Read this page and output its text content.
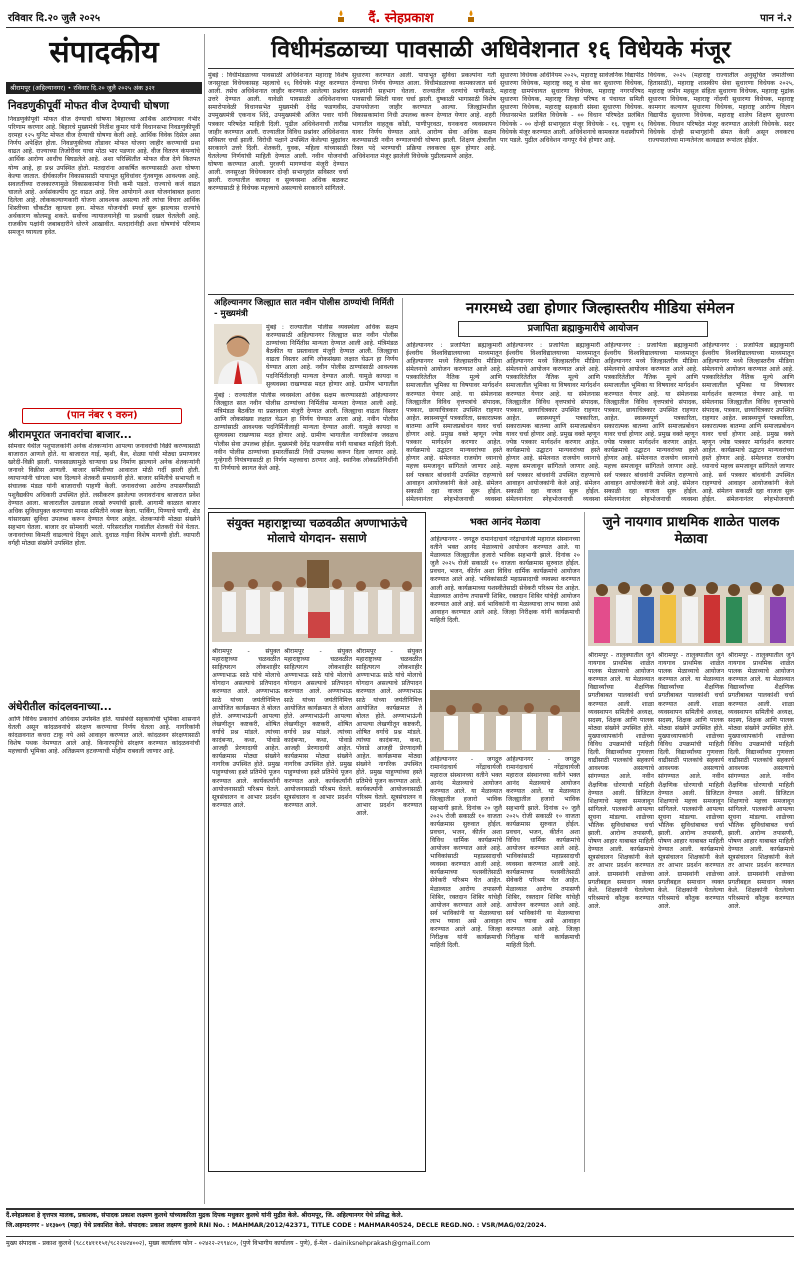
रविवार दि.२० जुलै २०२५	दैं. स्नेहप्रकाश	पान नं.२
संपादकीय
श्रीरामपूर (अहिल्यानगर) • रविवार दि.२० जुलै २०२५ अंक ३२१
विधीमंडळाच्या पावसाळी अधिवेशनात १६ विधेयके मंजूर
निवडणुकीपूर्वी मोफत वीज देण्याची घोषणा
निवडणुकीपूर्वी मोफत वीज देण्याची घोषणा बिहारच्या आर्थिक आरोग्यावर गंभीर परिणाम करणार आहे. बिहारचे मुख्यमंत्री नितीश कुमार यांनी विधानसभा निवडणुकीपूर्वी दरमहा १२५ युनिट मोफत वीज देण्याची घोषणा केली आहे. आर्थिक विवेक दिसेल असा निर्णय अपेक्षित होता. निवडणुकीच्या तोंडावर मोफत योजना जाहीर करण्याची प्रथा वाढत आहे. राज्याच्या तिजोरीवर याचा मोठा भार पडणार आहे. वीज वितरण कंपन्यांचे आर्थिक आरोग्य आधीच बिघडलेले आहे. अशा परिस्थितीत मोफत वीज देणे कितपत योग्य आहे, हा प्रश्न उपस्थित होतो. मतदारांना आकर्षित करण्यासाठी अशा घोषणा केल्या जातात. दीर्घकालीन विकासासाठी पायाभूत सुविधांवर गुंतवणूक आवश्यक आहे. सवलतींच्या राजकारणामुळे विकासकामांना निधी कमी पडतो. राज्याचे कर्ज वाढत चालले आहे. अर्थसंकल्पीय तूट वाढत आहे. वित्त आयोगाने अशा योजनांबाबत इशारा दिलेला आहे. लोककल्याणकारी योजना आवश्यक असल्या तरी त्यांचा विचार आर्थिक शिस्तीच्या चौकटीत व्हायला हवा. मोफत योजनांची स्पर्धा सुरू झाल्यास राज्यांचे अर्थकारण कोलमडू शकते. सर्वोच्च न्यायालयानेही या प्रश्नाची दखल घेतलेली आहे. राजकीय पक्षांनी जबाबदारीने धोरणे आखावीत. मतदारांनीही अशा घोषणांचे परिणाम समजून घ्यायला हवेत.
(पान नंबर ९ वरुन)
श्रीरामपूरात जनावरांचा बाजार...
सोमवार येथील पशुपालकांनी अनेक शेतकऱ्यांना आपल्या जनावरांची विक्री करण्यासाठी बाजारात आणले होते. या बाजारात गाई, म्हशी, बैल, शेळ्या यांची मोठ्या प्रमाणावर खरेदी-विक्री झाली. पावसाळ्यामुळे चाऱ्याचा प्रश्न निर्माण झाल्याने अनेक शेतकऱ्यांनी जनावरे विक्रीस आणली. बाजार समितीच्या आवारात मोठी गर्दी झाली होती. व्यापाऱ्यांनी चांगला भाव दिल्याने शेतकरी समाधानी होते. बाजार समितीचे सभापती व संचालक मंडळ यांनी बाजाराची पाहणी केली. जनावरांच्या आरोग्य तपासणीसाठी पशुवैद्यकीय अधिकारी उपस्थित होते. लसीकरण झालेल्या जनावरांनाच बाजारात प्रवेश देण्यात आला. बाजारातील उलाढाल लाखो रुपयांची झाली. आगामी काळात बाजार अधिक सुविधायुक्त करण्याचा मानस समितीने व्यक्त केला. पार्किंग, पिण्याचे पाणी, शेड यांसारख्या सुविधा उपलब्ध करून देण्यात येणार आहेत. शेतकऱ्यांनी मोठ्या संख्येने सहभाग घेतला. बाजार दर सोमवारी भरतो. परिसरातील गावांतील शेतकरी येथे येतात. जनावरांच्या किमती वाढल्याचे दिसून आले. दुधाळ गाईंना विशेष मागणी होती. व्यापारी वर्गही मोठ्या संख्येने उपस्थित होता.
मुंबई : विधीमंडळाच्या पावसाळी अधिवेशनात महाराष्ट्र विशेष जनसुरक्षा विधेयकासह महत्वाचे १६ विधेयके मंजूर करण्यात आली. तसेच अधिवेशनात जाहीर करण्यात आलेल्या प्रश्नांवर उत्तरे देण्यात आली. यावेळी पावसाळी अधिवेशनाच्या समारोपावेळी विधानसभेत मुख्यमंत्री देवेंद्र फडणवीस, उपमुख्यमंत्री एकनाथ शिंदे, उपमुख्यमंत्री अजित पवार यांनी पत्रकार परिषदेत माहिती दिली. पुढील अधिवेशनाची तारीख जाहीर करण्यात आली. राज्यातील विविध प्रश्नांवर अधिवेशनात सविस्तर चर्चा झाली. विरोधी पक्षाने उपस्थित केलेल्या मुद्द्यांवर सरकारने उत्तरे दिली. शेतकरी, युवक, महिला यांच्यासाठी घेतलेल्या निर्णयांची माहिती देण्यात आली. नवीन योजनांची घोषणा करण्यात आली. पुरवणी मागण्यांना मंजुरी देण्यात आली. जनसुरक्षा विधेयकावर दोन्ही सभागृहांत सविस्तर चर्चा झाली. राज्यातील कायदा व सुव्यवस्था अधिक बळकट करण्यासाठी हे विधेयक महत्त्वाचे असल्याचे सरकारने सांगितले.
सुधारणा करण्यात आली. पायाभूत सुविधा प्रकल्पांना गती देण्याचा निर्णय घेण्यात आला. विधीमंडळाच्या कामकाजात सर्व सदस्यांनी सहभाग घेतला. राज्यातील धरणांचे पाणीसाठे, पावसाची स्थिती यावर चर्चा झाली. दुष्काळी भागासाठी विशेष उपाययोजना जाहीर करण्यात आल्या. जिल्ह्यांमधील विकासकामांना निधी उपलब्ध करून देण्यात येणार आहे. शहरी भागातील वाहतूक कोंडी, पाणीपुरवठा, घनकचरा व्यवस्थापन यावर निर्णय घेण्यात आले. आरोग्य सेवा अधिक सक्षम करण्यासाठी नवीन रुग्णालयांची घोषणा झाली. शिक्षण क्षेत्रातील रिक्त पदे भरण्याची प्रक्रिया लवकरच सुरू होणार आहे. अधिवेशनात मंजूर झालेली विधेयके पुढीलप्रमाणे आहेत.
सुधारणा विधेयक अधिनियम २०२५, महाराष्ट्र सार्वजनिक विद्यापीठ सुधारणा विधेयक, महाराष्ट्र वस्तू व सेवा कर सुधारणा विधेयक, महाराष्ट्र ग्रामपंचायत सुधारणा विधेयक, महाराष्ट्र नगरपरिषद सुधारणा विधेयक, महाराष्ट्र जिल्हा परिषद व पंचायत समिती सुधारणा विधेयक, महाराष्ट्र सहकारी संस्था सुधारणा विधेयक. विधानसभेत प्रलंबित विधेयके - ०० विधान परिषदेत प्रलंबित विधेयके - ०० दोन्ही सभागृहात मंजूर विधेयके - १६. एकूण १६ विधेयके मंजूर करण्यात आली. अधिवेशनाचे कामकाज यशस्वीपणे पार पडले. पुढील अधिवेशन नागपूर येथे होणार आहे.
विधेयक, २०२५ (महाराष्ट्र राज्यातील अनुसूचित जमातींच्या हितासाठी), महाराष्ट्र शासकीय सेवा सुधारणा विधेयक २०२५, महाराष्ट्र जमीन महसूल संहिता सुधारणा विधेयक, महाराष्ट्र मुद्रांक सुधारणा विधेयक, महाराष्ट्र नोंदणी सुधारणा विधेयक, महाराष्ट्र कामगार कल्याण सुधारणा विधेयक, महाराष्ट्र आरोग्य विज्ञान विद्यापीठ सुधारणा विधेयक, महाराष्ट्र शालेय शिक्षण सुधारणा विधेयक. विधान परिषदेत मंजूर करण्यात आलेली विधेयके. सदर विधेयके दोन्ही सभागृहांनी संमत केली असून लवकरच राज्यपालांच्या मान्यतेनंतर कायद्यात रूपांतर होईल.
अहिल्यानगर जिल्ह्यात सात नवीन पोलीस ठाण्यांची निर्मिती - मुख्यमंत्री
मुंबई : राज्यातील पोलीस व्यवस्थेला अधिक सक्षम करण्यासाठी अहिल्यानगर जिल्ह्यात सात नवीन पोलीस ठाण्यांच्या निर्मितीस मान्यता देण्यात आली आहे. मंत्रिमंडळ बैठकीत या प्रस्तावाला मंजुरी देण्यात आली. जिल्ह्याचा वाढता विस्तार आणि लोकसंख्या लक्षात घेऊन हा निर्णय घेण्यात आला आहे. नवीन पोलीस ठाण्यांसाठी आवश्यक पदनिर्मितीलाही मान्यता देण्यात आली. यामुळे कायदा व सुव्यवस्था राखण्यास मदत होणार आहे. ग्रामीण भागातील
मुंबई : राज्यातील पोलीस व्यवस्थेला अधिक सक्षम करण्यासाठी अहिल्यानगर जिल्ह्यात सात नवीन पोलीस ठाण्यांच्या निर्मितीस मान्यता देण्यात आली आहे. मंत्रिमंडळ बैठकीत या प्रस्तावाला मंजुरी देण्यात आली. जिल्ह्याचा वाढता विस्तार आणि लोकसंख्या लक्षात घेऊन हा निर्णय घेण्यात आला आहे. नवीन पोलीस ठाण्यांसाठी आवश्यक पदनिर्मितीलाही मान्यता देण्यात आली. यामुळे कायदा व सुव्यवस्था राखण्यास मदत होणार आहे. ग्रामीण भागातील नागरिकांना जवळच पोलीस सेवा उपलब्ध होईल. मुख्यमंत्री देवेंद्र फडणवीस यांनी याबाबत माहिती दिली. नवीन पोलीस ठाण्यांच्या इमारतींसाठी निधी उपलब्ध करून दिला जाणार आहे. गुन्हेगारी नियंत्रणासाठी हा निर्णय महत्त्वाचा ठरणार आहे. स्थानिक लोकप्रतिनिधींनी या निर्णयाचे स्वागत केले आहे.
नगरमध्ये उद्या होणार जिल्हास्तरीय मीडिया संमेलन
प्रजापिता ब्रह्माकुमारीचे आयोजन
अहिल्यानगर : प्रजापिता ब्रह्माकुमारी ईश्वरीय विश्वविद्यालयाच्या माध्यमातून अहिल्यानगर मध्ये जिल्हास्तरीय मीडिया संमेलनाचे आयोजन करण्यात आले आहे. पत्रकारितेतील नैतिक मूल्ये आणि समाजातील भूमिका या विषयावर मार्गदर्शन करण्यात येणार आहे. या संमेलनास जिल्ह्यातील विविध वृत्तपत्रांचे संपादक, पत्रकार, छायाचित्रकार उपस्थित राहणार आहेत. स्वास्थ्यपूर्ण पत्रकारिता, सकारात्मक बातम्या आणि समाजप्रबोधन यावर चर्चा होणार आहे. प्रमुख वक्ते म्हणून ज्येष्ठ पत्रकार मार्गदर्शन करणार आहेत. कार्यक्रमाचे उद्घाटन मान्यवरांच्या हस्ते होणार आहे. संमेलनात राजयोग ध्यानाचे महत्त्व समजावून सांगितले जाणार आहे. सर्व पत्रकार बांधवांनी उपस्थित राहण्याचे आवाहन आयोजकांनी केले आहे. संमेलन सकाळी दहा वाजता सुरू होईल. संमेलनानंतर स्नेहभोजनाची व्यवस्था
अहिल्यानगर : प्रजापिता ब्रह्माकुमारी ईश्वरीय विश्वविद्यालयाच्या माध्यमातून अहिल्यानगर मध्ये जिल्हास्तरीय मीडिया संमेलनाचे आयोजन करण्यात आले आहे. पत्रकारितेतील नैतिक मूल्ये आणि समाजातील भूमिका या विषयावर मार्गदर्शन करण्यात येणार आहे. या संमेलनास जिल्ह्यातील विविध वृत्तपत्रांचे संपादक, पत्रकार, छायाचित्रकार उपस्थित राहणार आहेत. स्वास्थ्यपूर्ण पत्रकारिता, सकारात्मक बातम्या आणि समाजप्रबोधन यावर चर्चा होणार आहे. प्रमुख वक्ते म्हणून ज्येष्ठ पत्रकार मार्गदर्शन करणार आहेत. कार्यक्रमाचे उद्घाटन मान्यवरांच्या हस्ते होणार आहे. संमेलनात राजयोग ध्यानाचे महत्त्व समजावून सांगितले जाणार आहे. सर्व पत्रकार बांधवांनी उपस्थित राहण्याचे आवाहन आयोजकांनी केले आहे. संमेलन सकाळी दहा वाजता सुरू होईल. संमेलनानंतर स्नेहभोजनाची व्यवस्था
अहिल्यानगर : प्रजापिता ब्रह्माकुमारी ईश्वरीय विश्वविद्यालयाच्या माध्यमातून अहिल्यानगर मध्ये जिल्हास्तरीय मीडिया संमेलनाचे आयोजन करण्यात आले आहे. पत्रकारितेतील नैतिक मूल्ये आणि समाजातील भूमिका या विषयावर मार्गदर्शन करण्यात येणार आहे. या संमेलनास जिल्ह्यातील विविध वृत्तपत्रांचे संपादक, पत्रकार, छायाचित्रकार उपस्थित राहणार आहेत. स्वास्थ्यपूर्ण पत्रकारिता, सकारात्मक बातम्या आणि समाजप्रबोधन यावर चर्चा होणार आहे. प्रमुख वक्ते म्हणून ज्येष्ठ पत्रकार मार्गदर्शन करणार आहेत. कार्यक्रमाचे उद्घाटन मान्यवरांच्या हस्ते होणार आहे. संमेलनात राजयोग ध्यानाचे महत्त्व समजावून सांगितले जाणार आहे. सर्व पत्रकार बांधवांनी उपस्थित राहण्याचे आवाहन आयोजकांनी केले आहे. संमेलन सकाळी दहा वाजता सुरू होईल. संमेलनानंतर स्नेहभोजनाची व्यवस्था
अहिल्यानगर : प्रजापिता ब्रह्माकुमारी ईश्वरीय विश्वविद्यालयाच्या माध्यमातून अहिल्यानगर मध्ये जिल्हास्तरीय मीडिया संमेलनाचे आयोजन करण्यात आले आहे. पत्रकारितेतील नैतिक मूल्ये आणि समाजातील भूमिका या विषयावर मार्गदर्शन करण्यात येणार आहे. या संमेलनास जिल्ह्यातील विविध वृत्तपत्रांचे संपादक, पत्रकार, छायाचित्रकार उपस्थित राहणार आहेत. स्वास्थ्यपूर्ण पत्रकारिता, सकारात्मक बातम्या आणि समाजप्रबोधन यावर चर्चा होणार आहे. प्रमुख वक्ते म्हणून ज्येष्ठ पत्रकार मार्गदर्शन करणार आहेत. कार्यक्रमाचे उद्घाटन मान्यवरांच्या हस्ते होणार आहे. संमेलनात राजयोग ध्यानाचे महत्त्व समजावून सांगितले जाणार आहे. सर्व पत्रकार बांधवांनी उपस्थित राहण्याचे आवाहन आयोजकांनी केले आहे. संमेलन सकाळी दहा वाजता सुरू होईल. संमेलनानंतर स्नेहभोजनाची
संयुक्त महाराष्ट्राच्या चळवळीत अण्णाभाऊंचे मोलाचे योगदान- ससाणे
श्रीरामपूर - संयुक्त महाराष्ट्राच्या चळवळीत साहित्यरत्न लोकशाहीर अण्णाभाऊ साठे यांचे मोलाचे योगदान असल्याचे प्रतिपादन करण्यात आले. अण्णाभाऊ साठे यांच्या जयंतीनिमित्त आयोजित कार्यक्रमात ते बोलत होते. अण्णाभाऊंनी आपल्या लेखणीतून कष्टकरी, शोषित वर्गाचे प्रश्न मांडले. त्यांच्या कादंबऱ्या, कथा, पोवाडे आजही प्रेरणादायी आहेत. कार्यक्रमास मोठ्या संख्येने नागरिक उपस्थित होते. प्रमुख पाहुण्यांच्या हस्ते प्रतिमेचे पूजन करण्यात आले. कार्यकर्त्यांनी आयोजनासाठी परिश्रम घेतले. सूत्रसंचालन व आभार प्रदर्शन करण्यात आले.
श्रीरामपूर - संयुक्त महाराष्ट्राच्या चळवळीत साहित्यरत्न लोकशाहीर अण्णाभाऊ साठे यांचे मोलाचे योगदान असल्याचे प्रतिपादन करण्यात आले. अण्णाभाऊ साठे यांच्या जयंतीनिमित्त आयोजित कार्यक्रमात ते बोलत होते. अण्णाभाऊंनी आपल्या लेखणीतून कष्टकरी, शोषित वर्गाचे प्रश्न मांडले. त्यांच्या कादंबऱ्या, कथा, पोवाडे आजही प्रेरणादायी आहेत. कार्यक्रमास मोठ्या संख्येने नागरिक उपस्थित होते. प्रमुख पाहुण्यांच्या हस्ते प्रतिमेचे पूजन करण्यात आले. कार्यकर्त्यांनी आयोजनासाठी परिश्रम घेतले. सूत्रसंचालन व आभार प्रदर्शन करण्यात आले.
श्रीरामपूर - संयुक्त महाराष्ट्राच्या चळवळीत साहित्यरत्न लोकशाहीर अण्णाभाऊ साठे यांचे मोलाचे योगदान असल्याचे प्रतिपादन करण्यात आले. अण्णाभाऊ साठे यांच्या जयंतीनिमित्त आयोजित कार्यक्रमात ते बोलत होते. अण्णाभाऊंनी आपल्या लेखणीतून कष्टकरी, शोषित वर्गाचे प्रश्न मांडले. त्यांच्या कादंबऱ्या, कथा, पोवाडे आजही प्रेरणादायी आहेत. कार्यक्रमास मोठ्या संख्येने नागरिक उपस्थित होते. प्रमुख पाहुण्यांच्या हस्ते प्रतिमेचे पूजन करण्यात आले. कार्यकर्त्यांनी आयोजनासाठी परिश्रम घेतले. सूत्रसंचालन व आभार प्रदर्शन करण्यात आले.
भक्त आनंद मेळावा
अहिल्यानगर - जगद्गुरु रामानंदाचार्य नरेंद्राचार्यजी महाराज संस्थानच्या वतीने भक्त आनंद मेळाव्याचे आयोजन करण्यात आले. या मेळाव्यात जिल्ह्यातील हजारो भाविक सहभागी झाले. दिनांक २० जुलै २०२५ रोजी सकाळी १० वाजता कार्यक्रमास सुरुवात होईल. प्रवचन, भजन, कीर्तन अशा विविध धार्मिक कार्यक्रमांचे आयोजन करण्यात आले आहे. भाविकांसाठी महाप्रसादाची व्यवस्था करण्यात आली आहे. कार्यक्रमाच्या यशस्वीतेसाठी सेवेकरी परिश्रम घेत आहेत. मेळाव्यात आरोग्य तपासणी शिबिर, रक्तदान शिबिर यांचेही आयोजन करण्यात आले आहे. सर्व भाविकांनी या मेळाव्याचा लाभ घ्यावा असे आवाहन करण्यात आले आहे. जिल्हा निरीक्षक यांनी कार्यक्रमाची माहिती दिली.
अहिल्यानगर - जगद्गुरु रामानंदाचार्य नरेंद्राचार्यजी महाराज संस्थानच्या वतीने भक्त आनंद मेळाव्याचे आयोजन करण्यात आले. या मेळाव्यात जिल्ह्यातील हजारो भाविक सहभागी झाले. दिनांक २० जुलै २०२५ रोजी सकाळी १० वाजता कार्यक्रमास सुरुवात होईल. प्रवचन, भजन, कीर्तन अशा विविध धार्मिक कार्यक्रमांचे आयोजन करण्यात आले आहे. भाविकांसाठी महाप्रसादाची व्यवस्था करण्यात आली आहे. कार्यक्रमाच्या यशस्वीतेसाठी सेवेकरी परिश्रम घेत आहेत. मेळाव्यात आरोग्य तपासणी शिबिर, रक्तदान शिबिर यांचेही आयोजन करण्यात आले आहे. सर्व भाविकांनी या मेळाव्याचा लाभ घ्यावा असे आवाहन करण्यात आले आहे. जिल्हा निरीक्षक यांनी कार्यक्रमाची माहिती दिली.
अहिल्यानगर - जगद्गुरु रामानंदाचार्य नरेंद्राचार्यजी महाराज संस्थानच्या वतीने भक्त आनंद मेळाव्याचे आयोजन करण्यात आले. या मेळाव्यात जिल्ह्यातील हजारो भाविक सहभागी झाले. दिनांक २० जुलै २०२५ रोजी सकाळी १० वाजता कार्यक्रमास सुरुवात होईल. प्रवचन, भजन, कीर्तन अशा विविध धार्मिक कार्यक्रमांचे आयोजन करण्यात आले आहे. भाविकांसाठी महाप्रसादाची व्यवस्था करण्यात आली आहे. कार्यक्रमाच्या यशस्वीतेसाठी सेवेकरी परिश्रम घेत आहेत. मेळाव्यात आरोग्य तपासणी शिबिर, रक्तदान शिबिर यांचेही आयोजन करण्यात आले आहे. सर्व भाविकांनी या मेळाव्याचा लाभ घ्यावा असे आवाहन करण्यात आले आहे. जिल्हा निरीक्षक यांनी कार्यक्रमाची माहिती दिली.
जुने नायगाव प्राथमिक शाळेत पालक मेळावा
श्रीरामपूर - तालुक्यातील जुने नायगाव प्राथमिक शाळेत पालक मेळाव्याचे आयोजन करण्यात आले. या मेळाव्यात विद्यार्थ्यांच्या शैक्षणिक प्रगतीबाबत पालकांशी चर्चा करण्यात आली. शाळा व्यवस्थापन समितीचे अध्यक्ष, सदस्य, शिक्षक आणि पालक मोठ्या संख्येने उपस्थित होते. मुख्याध्यापकांनी शाळेच्या विविध उपक्रमांची माहिती दिली. विद्यार्थ्यांच्या गुणवत्ता वाढीसाठी पालकांचे सहकार्य आवश्यक असल्याचे सांगण्यात आले. नवीन शैक्षणिक धोरणाची माहिती देण्यात आली. डिजिटल शिक्षणाचे महत्त्व समजावून सांगितले. पालकांनी आपल्या सूचना मांडल्या. शाळेच्या भौतिक सुविधांबाबत चर्चा झाली. आरोग्य तपासणी, पोषण आहार याबाबत माहिती देण्यात आली. कार्यक्रमाचे सूत्रसंचालन शिक्षकांनी केले तर आभार प्रदर्शन करण्यात आले. ग्रामस्थांनी शाळेच्या प्रगतीबद्दल समाधान व्यक्त केले. शिक्षकांनी घेतलेल्या परिश्रमाचे कौतुक करण्यात आले.
श्रीरामपूर - तालुक्यातील जुने नायगाव प्राथमिक शाळेत पालक मेळाव्याचे आयोजन करण्यात आले. या मेळाव्यात विद्यार्थ्यांच्या शैक्षणिक प्रगतीबाबत पालकांशी चर्चा करण्यात आली. शाळा व्यवस्थापन समितीचे अध्यक्ष, सदस्य, शिक्षक आणि पालक मोठ्या संख्येने उपस्थित होते. मुख्याध्यापकांनी शाळेच्या विविध उपक्रमांची माहिती दिली. विद्यार्थ्यांच्या गुणवत्ता वाढीसाठी पालकांचे सहकार्य आवश्यक असल्याचे सांगण्यात आले. नवीन शैक्षणिक धोरणाची माहिती देण्यात आली. डिजिटल शिक्षणाचे महत्त्व समजावून सांगितले. पालकांनी आपल्या सूचना मांडल्या. शाळेच्या भौतिक सुविधांबाबत चर्चा झाली. आरोग्य तपासणी, पोषण आहार याबाबत माहिती देण्यात आली. कार्यक्रमाचे सूत्रसंचालन शिक्षकांनी केले तर आभार प्रदर्शन करण्यात आले. ग्रामस्थांनी शाळेच्या प्रगतीबद्दल समाधान व्यक्त केले. शिक्षकांनी घेतलेल्या परिश्रमाचे कौतुक करण्यात आले.
श्रीरामपूर - तालुक्यातील जुने नायगाव प्राथमिक शाळेत पालक मेळाव्याचे आयोजन करण्यात आले. या मेळाव्यात विद्यार्थ्यांच्या शैक्षणिक प्रगतीबाबत पालकांशी चर्चा करण्यात आली. शाळा व्यवस्थापन समितीचे अध्यक्ष, सदस्य, शिक्षक आणि पालक मोठ्या संख्येने उपस्थित होते. मुख्याध्यापकांनी शाळेच्या विविध उपक्रमांची माहिती दिली. विद्यार्थ्यांच्या गुणवत्ता वाढीसाठी पालकांचे सहकार्य आवश्यक असल्याचे सांगण्यात आले. नवीन शैक्षणिक धोरणाची माहिती देण्यात आली. डिजिटल शिक्षणाचे महत्त्व समजावून सांगितले. पालकांनी आपल्या सूचना मांडल्या. शाळेच्या भौतिक सुविधांबाबत चर्चा झाली. आरोग्य तपासणी, पोषण आहार याबाबत माहिती देण्यात आली. कार्यक्रमाचे सूत्रसंचालन शिक्षकांनी केले तर आभार प्रदर्शन करण्यात आले. ग्रामस्थांनी शाळेच्या प्रगतीबद्दल समाधान व्यक्त केले. शिक्षकांनी घेतलेल्या परिश्रमाचे कौतुक करण्यात आले.
अंधेरीतील कांदलवनाच्या...
आणि विविध प्रकारांचे अधिवास उपस्थित होते. यासंबंधी सहकार्याची भूमिका शासनाने घेतली असून कांदळवनांचे संरक्षण करण्याचा निर्णय घेतला आहे. नागरिकांनी कांदळवनात कचरा टाकू नये असे आवाहन करण्यात आले. कांदळवन संरक्षणासाठी विशेष पथक नेमण्यात आले आहे. किनारपट्टीचे संरक्षण करण्यात कांदळवनांची महत्त्वाची भूमिका आहे. अतिक्रमण हटवण्याची मोहीम राबवली जाणार आहे.
दैं.स्नेहप्रकाश हे वृत्तपत्र मालक, प्रकाशक, संपादक प्रकाश लक्ष्मण कुलथे यांच्याकरिता मुद्रक दिपक मधुकार कुलथे यांनी मुद्रीत केले. श्रीरामपूर, जि. अहिल्यानगर येथे प्रसिद्ध केले.
जि.अहमदनगर - ४१३७०९ (महा) येथे प्रकाशित केले. संपादक: प्रकाश लक्ष्मण कुलथे RNI No. : MAHMAR/2012/42371, TITLE CODE : MAHMAR40524, DECLE REGD.NO. : VSR/MAG/02/2024.
मुख्य संपादक - प्रकाश कुलथे (९८८१४१११५१/९८२२४२४००२), मुख्य कार्यालय फोन - ०२४२२-२९९४८०, (पुणे विभागीय कार्यालय - पुणे), ई-मेल - dainiksnehprakash@gmail.com
